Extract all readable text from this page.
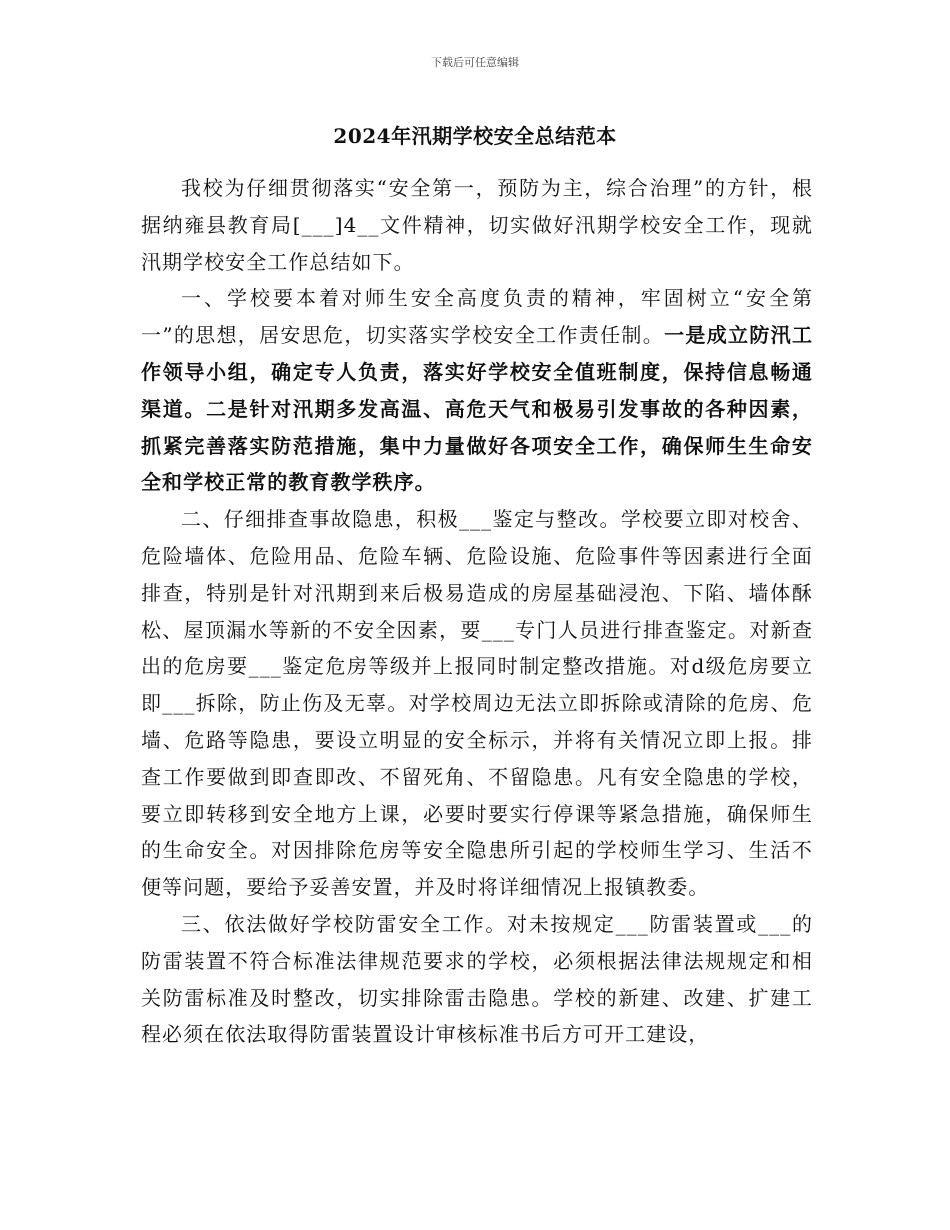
下载后可任意编辑
2024年汛期学校安全总结范本

我校为仔细贯彻落实“安全第一，预防为主，综合治理”的方针，根据纳雍县教育局[___]4__文件精神，切实做好汛期学校安全工作，现就汛期学校安全工作总结如下。

一、学校要本着对师生安全高度负责的精神，牢固树立“安全第一”的思想，居安思危，切实落实学校安全工作责任制。一是成立防汛工作领导小组，确定专人负责，落实好学校安全值班制度，保持信息畅通渠道。二是针对汛期多发高温、高危天气和极易引发事故的各种因素，抓紧完善落实防范措施，集中力量做好各项安全工作，确保师生生命安全和学校正常的教育教学秩序。

二、仔细排查事故隐患，积极___鉴定与整改。学校要立即对校舍、危险墙体、危险用品、危险车辆、危险设施、危险事件等因素进行全面排查，特别是针对汛期到来后极易造成的房屋基础浸泡、下陷、墙体酥松、屋顶漏水等新的不安全因素，要___专门人员进行排查鉴定。对新查出的危房要___鉴定危房等级并上报同时制定整改措施。对d级危房要立即___拆除，防止伤及无辜。对学校周边无法立即拆除或清除的危房、危墙、危路等隐患，要设立明显的安全标示，并将有关情况立即上报。排查工作要做到即查即改、不留死角、不留隐患。凡有安全隐患的学校，要立即转移到安全地方上课，必要时要实行停课等紧急措施，确保师生的生命安全。对因排除危房等安全隐患所引起的学校师生学习、生活不便等问题，要给予妥善安置，并及时将详细情况上报镇教委。

三、依法做好学校防雷安全工作。对未按规定___防雷装置或___的防雷装置不符合标准法律规范要求的学校，必须根据法律法规规定和相关防雷标准及时整改，切实排除雷击隐患。学校的新建、改建、扩建工程必须在依法取得防雷装置设计审核标准书后方可开工建设，
